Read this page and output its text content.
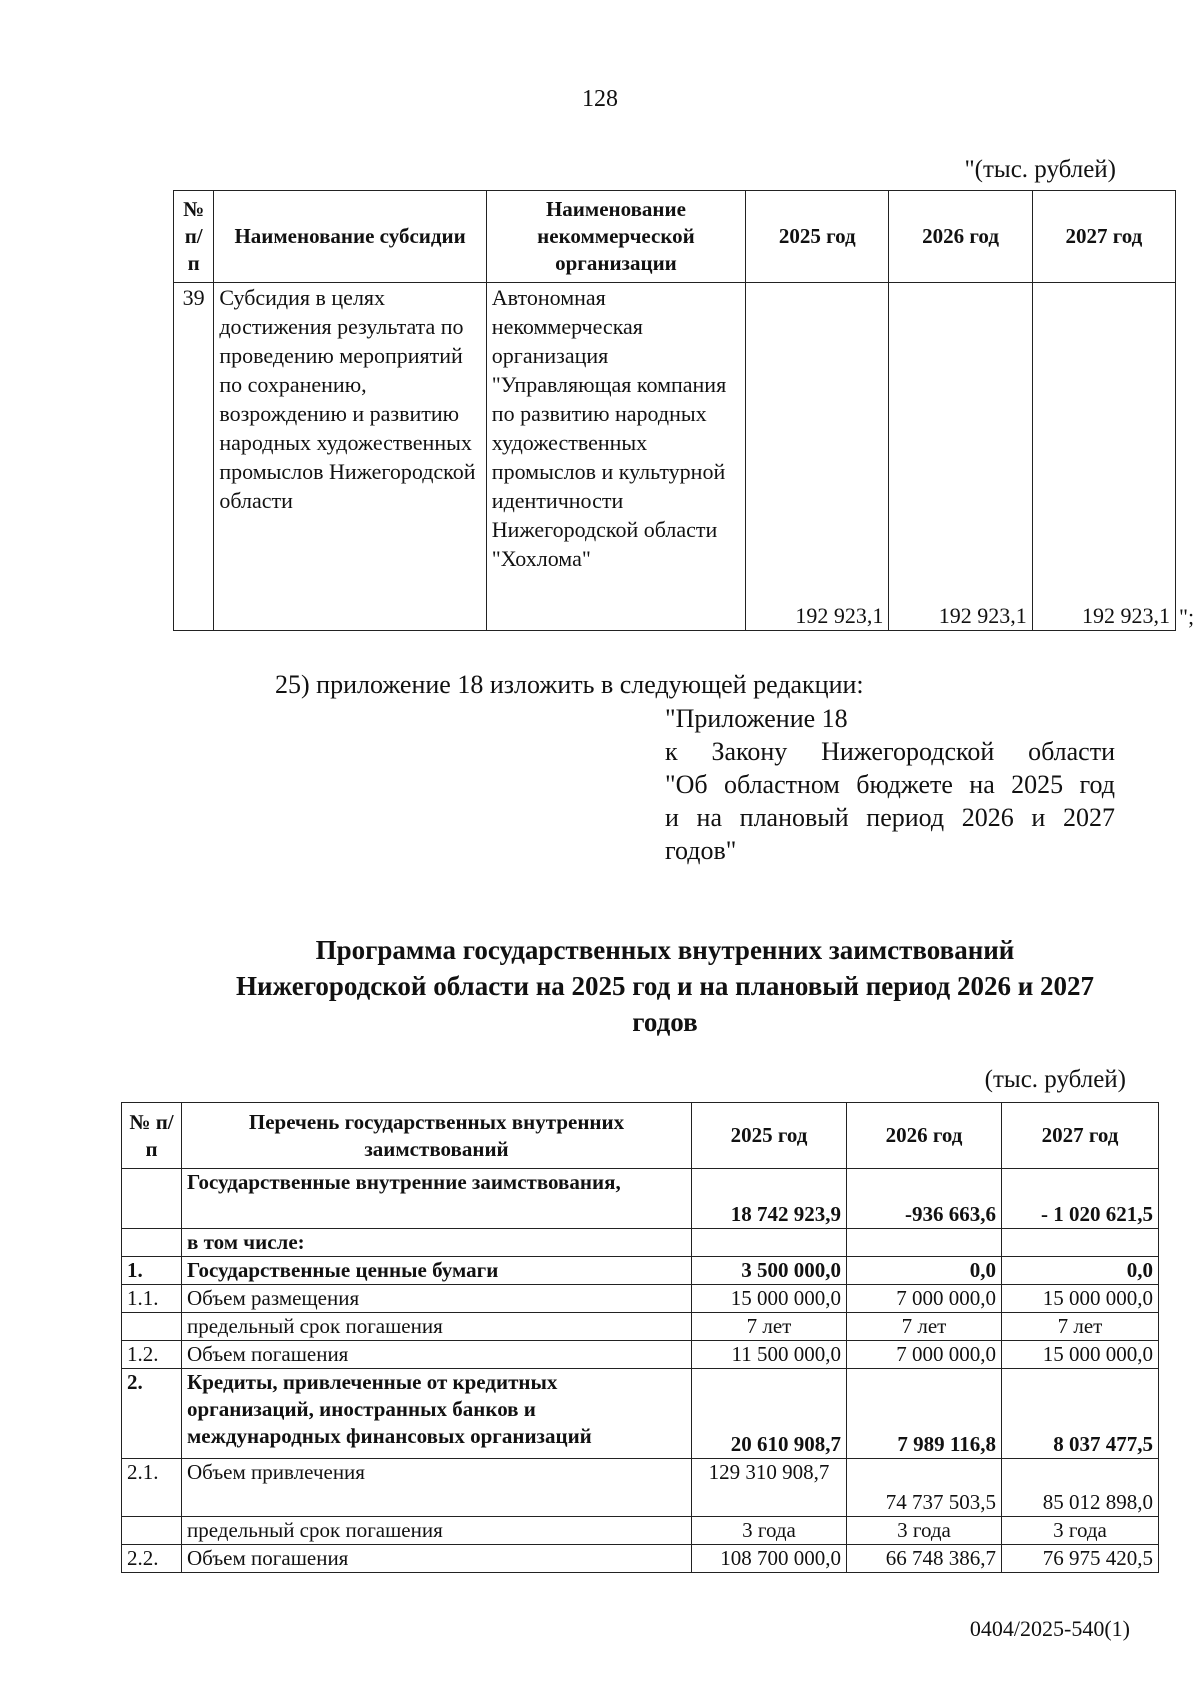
128
"(тыс. рублей)
№ п/п	Наименование субсидии	Наименование некоммерческой организации	2025 год	2026 год	2027 год
39	Субсидия в целях достижения результата по проведению мероприятий по сохранению, возрождению и развитию народных художественных промыслов Нижегородской области	Автономная некоммерческая организация "Управляющая компания по развитию народных художественных промыслов и культурной идентичности Нижегородской области "Хохлома"	192 923,1	192 923,1	192 923,1 ";
25) приложение 18 изложить в следующей редакции:
"Приложение 18
к Закону Нижегородской области
"Об областном бюджете на 2025 год
и на плановый период 2026 и 2027
годов"
Программа государственных внутренних заимствований
Нижегородской области на 2025 год и на плановый период 2026 и 2027
годов
(тыс. рублей)
№ п/п	Перечень государственных внутренних заимствований	2025 год	2026 год	2027 год
	Государственные внутренние заимствования,	18 742 923,9	-936 663,6	- 1 020 621,5
	в том числе:			
1.	Государственные ценные бумаги	3 500 000,0	0,0	0,0
1.1.	Объем размещения	15 000 000,0	7 000 000,0	15 000 000,0
	предельный срок погашения	7 лет	7 лет	7 лет
1.2.	Объем погашения	11 500 000,0	7 000 000,0	15 000 000,0
2.	Кредиты, привлеченные от кредитных организаций, иностранных банков и международных финансовых организаций	20 610 908,7	7 989 116,8	8 037 477,5
2.1.	Объем привлечения	129 310 908,7	74 737 503,5	85 012 898,0
	предельный срок погашения	3 года	3 года	3 года
2.2.	Объем погашения	108 700 000,0	66 748 386,7	76 975 420,5
0404/2025-540(1)
